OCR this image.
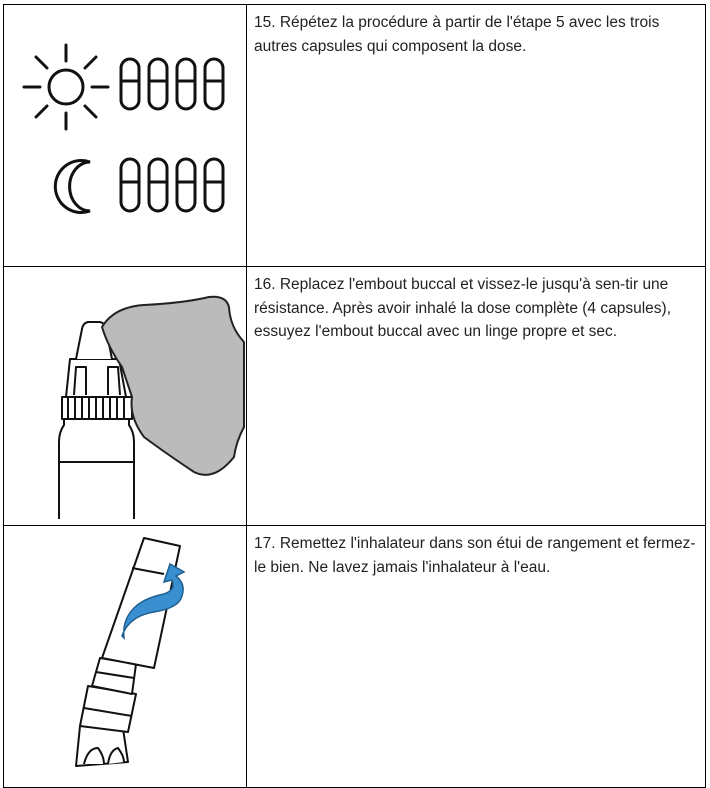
15. Répétez la procédure à partir de l'étape 5 avec les trois autres capsules qui composent la dose.

16. Replacez l'embout buccal et vissez-le jusqu'à sen-tir une résistance. Après avoir inhalé la dose complète (4 capsules), essuyez l'embout buccal avec un linge propre et sec.

17. Remettez l'inhalateur dans son étui de rangement et fermez-le bien. Ne lavez jamais l'inhalateur à l'eau.
